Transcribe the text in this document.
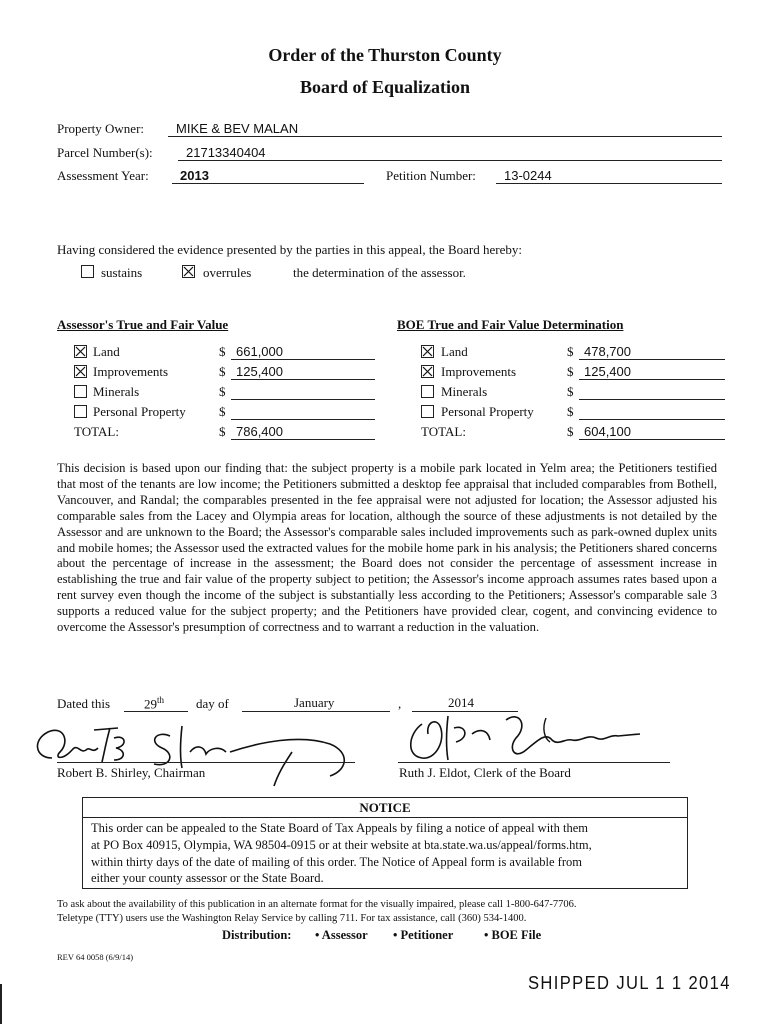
Order of the Thurston County
Board of Equalization
Property Owner: MIKE & BEV MALAN
Parcel Number(s):	21713340404
Assessment Year: 2013	Petition Number: 13-0244
Having considered the evidence presented by the parties in this appeal, the Board hereby:
sustains	overrules	the determination of the assessor.
Assessor's True and Fair Value	BOE True and Fair Value Determination
Land	$ 661,000
Improvements	$ 125,400
Minerals	$
Personal Property	$
TOTAL:	$ 786,400
Land	$ 478,700
Improvements	$ 125,400
Minerals	$
Personal Property	$
TOTAL:	$ 604,100
This decision is based upon our finding that: the subject property is a mobile park located in Yelm area; the Petitioners testified that most of the tenants are low income; the Petitioners submitted a desktop fee appraisal that included comparables from Bothell, Vancouver, and Randal; the comparables presented in the fee appraisal were not adjusted for location; the Assessor adjusted his comparable sales from the Lacey and Olympia areas for location, although the source of these adjustments is not detailed by the Assessor and are unknown to the Board; the Assessor's comparable sales included improvements such as park-owned duplex units and mobile homes; the Assessor used the extracted values for the mobile home park in his analysis; the Petitioners shared concerns about the percentage of increase in the assessment; the Board does not consider the percentage of assessment increase in establishing the true and fair value of the property subject to petition; the Assessor's income approach assumes rates based upon a rent survey even though the income of the subject is substantially less according to the Petitioners; Assessor's comparable sale 3 supports a reduced value for the subject property; and the Petitioners have provided clear, cogent, and convincing evidence to overcome the Assessor's presumption of correctness and to warrant a reduction in the valuation.
Dated this	29th day of	January	,	2014
Robert B. Shirley, Chairman	Ruth J. Eldot, Clerk of the Board
NOTICE
This order can be appealed to the State Board of Tax Appeals by filing a notice of appeal with them
at PO Box 40915, Olympia, WA 98504-0915 or at their website at bta.state.wa.us/appeal/forms.htm,
within thirty days of the date of mailing of this order. The Notice of Appeal form is available from
either your county assessor or the State Board.
To ask about the availability of this publication in an alternate format for the visually impaired, please call 1-800-647-7706.
Teletype (TTY) users use the Washington Relay Service by calling 711. For tax assistance, call (360) 534-1400.
Distribution: • Assessor • Petitioner • BOE File
REV 64 0058 (6/9/14)
SHIPPED JUL 1 1 2014
